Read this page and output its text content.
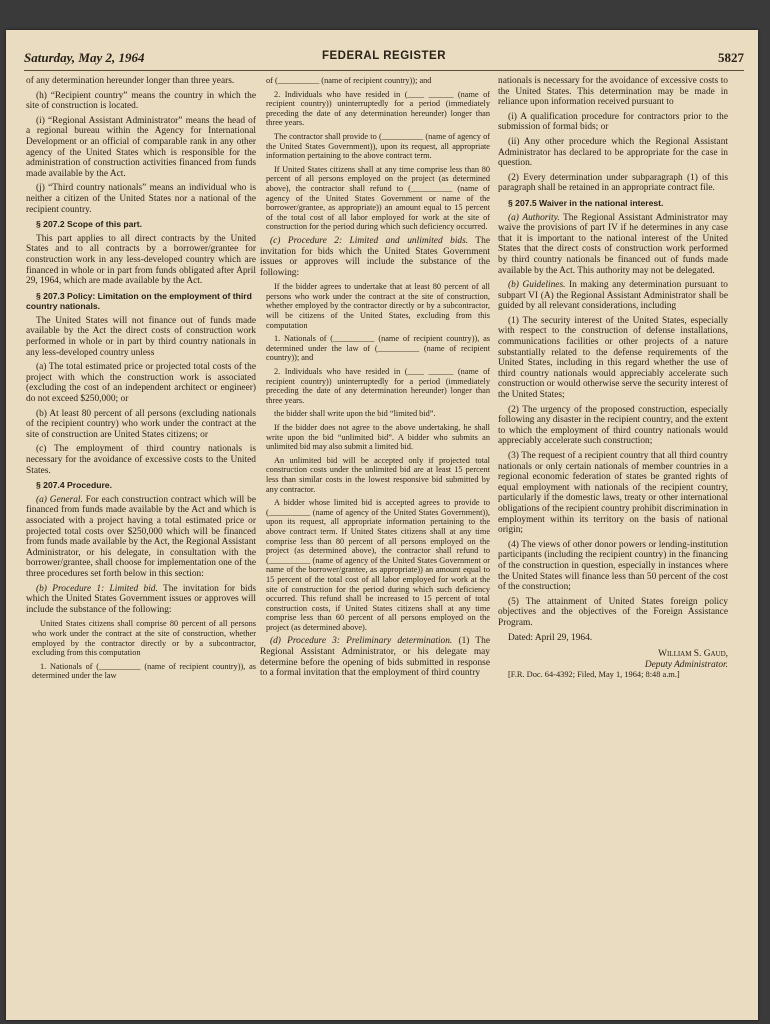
Saturday, May 2, 1964	FEDERAL REGISTER	5827

of any determination hereunder longer than three years.

(h) “Recipient country” means the country in which the site of construction is located.

(i) “Regional Assistant Administrator” means the head of a regional bureau within the Agency for International Development or an official of comparable rank in any other agency of the United States which is responsible for the administration of construction activities financed from funds made available by the Act.

(j) “Third country nationals” means an individual who is neither a citizen of the United States nor a national of the recipient country.

§ 207.2 Scope of this part.

This part applies to all direct contracts by the United States and to all contracts by a borrower/grantee for construction work in any less-developed country which are financed in whole or in part from funds obligated after April 29, 1964, which are made available by the Act.

§ 207.3 Policy: Limitation on the employment of third country nationals.

The United States will not finance out of funds made available by the Act the direct costs of construction work performed in whole or in part by third country nationals in any less-developed country unless

(a) The total estimated price or projected total costs of the project with which the construction work is associated (excluding the cost of an independent architect or engineer) do not exceed $250,000; or

(b) At least 80 percent of all persons (excluding nationals of the recipient country) who work under the contract at the site of construction are United States citizens; or

(c) The employment of third country nationals is necessary for the avoidance of excessive costs to the United States.

§ 207.4 Procedure.

(a) General. For each construction contract which will be financed from funds made available by the Act and which is associated with a project having a total estimated price or projected total costs over $250,000 which will be financed from funds made available by the Act, the Regional Assistant Administrator, or his delegate, in consultation with the borrower/grantee, shall choose for implementation one of the three procedures set forth below in this section:

(b) Procedure 1: Limited bid. The invitation for bids which the United States Government issues or approves will include the substance of the following:

United States citizens shall comprise 80 percent of all persons who work under the contract at the site of construction, whether employed by the contractor directly or by a subcontractor, excluding from this computation

1. Nationals of (__________ (name of recipient country)), as determined under the law

of (__________ (name of recipient country)); and

2. Individuals who have resided in (____ ______ (name of recipient country)) uninterruptedly for a period (immediately preceding the date of any determination hereunder) longer than three years.

The contractor shall provide to (__________ (name of agency of the United States Government)), upon its request, all appropriate information pertaining to the above contract term.

If United States citizens shall at any time comprise less than 80 percent of all persons employed on the project (as determined above), the contractor shall refund to (__________ (name of agency of the United States Government or name of the borrower/grantee, as appropriate)) an amount equal to 15 percent of the total cost of all labor employed for work at the site of construction for the period during which such deficiency occurred.

(c) Procedure 2: Limited and unlimited bids. The invitation for bids which the United States Government issues or approves will include the substance of the following:

If the bidder agrees to undertake that at least 80 percent of all persons who work under the contract at the site of construction, whether employed by the contractor directly or by a subcontractor, will be citizens of the United States, excluding from this computation

1. Nationals of (__________ (name of recipient country)), as determined under the law of (__________ (name of recipient country)); and

2. Individuals who have resided in (____ ______ (name of recipient country)) uninterruptedly for a period (immediately preceding the date of any determination hereunder) longer than three years.

the bidder shall write upon the bid “limited bid”.

If the bidder does not agree to the above undertaking, he shall write upon the bid “unlimited bid”. A bidder who submits an unlimited bid may also submit a limited bid.

An unlimited bid will be accepted only if projected total construction costs under the unlimited bid are at least 15 percent less than similar costs in the lowest responsive bid submitted by any contractor.

A bidder whose limited bid is accepted agrees to provide to (__________ (name of agency of the United States Government)), upon its request, all appropriate information pertaining to the above contract term. If United States citizens shall at any time comprise less than 80 percent of all persons employed on the project (as determined above), the contractor shall refund to (__________ (name of agency of the United States Government or name of the borrower/grantee, as appropriate)) an amount equal to 15 percent of the total cost of all labor employed for work at the site of construction for the period during which such deficiency occurred. This refund shall be increased to 15 percent of total construction costs, if United States citizens shall at any time comprise less than 60 percent of all persons employed on the project (as determined above).

(d) Procedure 3: Preliminary determination. (1) The Regional Assistant Administrator, or his delegate may determine before the opening of bids submitted in response to a formal invitation that the employment of third country

nationals is necessary for the avoidance of excessive costs to the United States. This determination may be made in reliance upon information received pursuant to

(i) A qualification procedure for contractors prior to the submission of formal bids; or

(ii) Any other procedure which the Regional Assistant Administrator has declared to be appropriate for the case in question.

(2) Every determination under subparagraph (1) of this paragraph shall be retained in an appropriate contract file.

§ 207.5 Waiver in the national interest.

(a) Authority. The Regional Assistant Administrator may waive the provisions of part IV if he determines in any case that it is important to the national interest of the United States that the direct costs of construction work performed by third country nationals be financed out of funds made available by the Act. This authority may not be delegated.

(b) Guidelines. In making any determination pursuant to subpart VI (A) the Regional Assistant Administrator shall be guided by all relevant considerations, including

(1) The security interest of the United States, especially with respect to the construction of defense installations, communications facilities or other projects of a nature substantially related to the defense requirements of the United States, including in this regard whether the use of third country nationals would appreciably accelerate such construction or would otherwise serve the security interest of the United States;

(2) The urgency of the proposed construction, especially following any disaster in the recipient country, and the extent to which the employment of third country nationals would appreciably accelerate such construction;

(3) The request of a recipient country that all third country nationals or only certain nationals of member countries in a regional economic federation of states be granted rights of equal employment with nationals of the recipient country, particularly if the domestic laws, treaty or other international obligations of the recipient country prohibit discrimination in employment within its territory on the basis of national origin;

(4) The views of other donor powers or lending-institution participants (including the recipient country) in the financing of the construction in question, especially in instances where the United States will finance less than 50 percent of the cost of the construction;

(5) The attainment of United States foreign policy objectives and the objectives of the Foreign Assistance Program.

Dated: April 29, 1964.

William S. Gaud,
Deputy Administrator.

[F.R. Doc. 64-4392; Filed, May 1, 1964; 8:48 a.m.]
